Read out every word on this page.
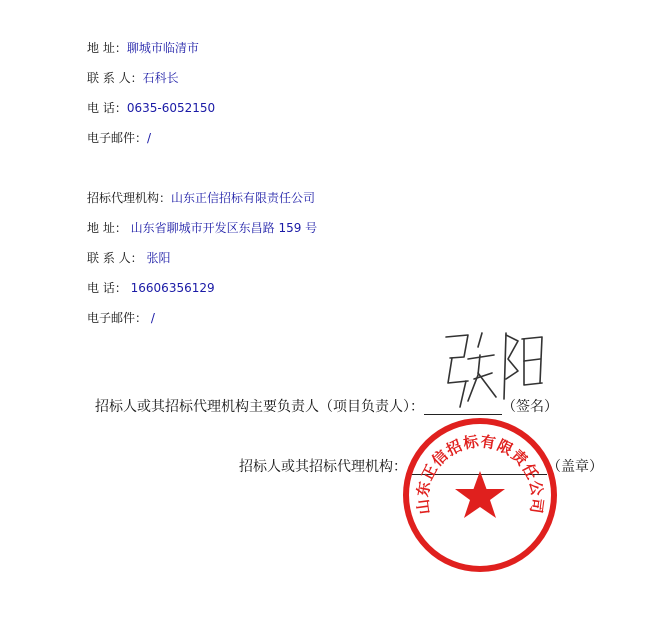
地 址：聊城市临清市
联 系 人：石科长
电 话：0635-6052150
电子邮件：/
招标代理机构：山东正信招标有限责任公司
地 址： 山东省聊城市开发区东昌路 159 号
联 系 人： 张阳
电 话： 16606356129
电子邮件： /
招标人或其招标代理机构主要负责人（项目负责人）：	（签名）
招标人或其招标代理机构：	（盖章）
山东正信招标有限责任公司
